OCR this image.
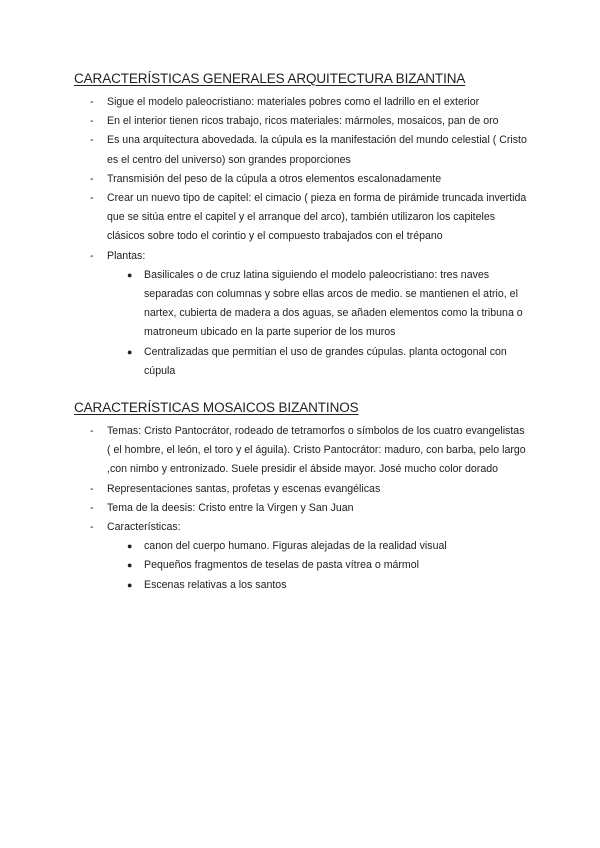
CARACTERÍSTICAS GENERALES ARQUITECTURA BIZANTINA
- Sigue el modelo paleocristiano: materiales pobres como el ladrillo en el exterior
- En el interior tienen ricos trabajo, ricos materiales: mármoles, mosaicos, pan de oro
- Es una arquitectura abovedada. la cúpula es la manifestación del mundo celestial ( Cristo es el centro del universo) son grandes proporciones
- Transmisión del peso de la cúpula a otros elementos escalonadamente
- Crear un nuevo tipo de capitel: el cimacio ( pieza en forma de pirámide truncada invertida que se sitúa entre el capitel y el arranque del arco), también utilizaron los capiteles clásicos sobre todo el corintio y el compuesto trabajados con el trépano
- Plantas:
● Basilicales o de cruz latina siguiendo el modelo paleocristiano: tres naves separadas con columnas y sobre ellas arcos de medio. se mantienen el atrio, el nartex, cubierta de madera a dos aguas, se añaden elementos como la tribuna o matroneum ubicado en la parte superior de los muros
● Centralizadas que permitían el uso de grandes cúpulas. planta octogonal con cúpula
CARACTERÍSTICAS MOSAICOS BIZANTINOS
- Temas: Cristo Pantocrátor, rodeado de tetramorfos o símbolos de los cuatro evangelistas ( el hombre, el león, el toro y el águila). Cristo Pantocrátor: maduro, con barba, pelo largo ,con nimbo y entronizado. Suele presidir el ábside mayor. José mucho color dorado
- Representaciones santas, profetas y escenas evangélicas
- Tema de la deesis: Cristo entre la Virgen y San Juan
- Características:
● canon del cuerpo humano. Figuras alejadas de la realidad visual
● Pequeños fragmentos de teselas de pasta vítrea o mármol
● Escenas relativas a los santos
